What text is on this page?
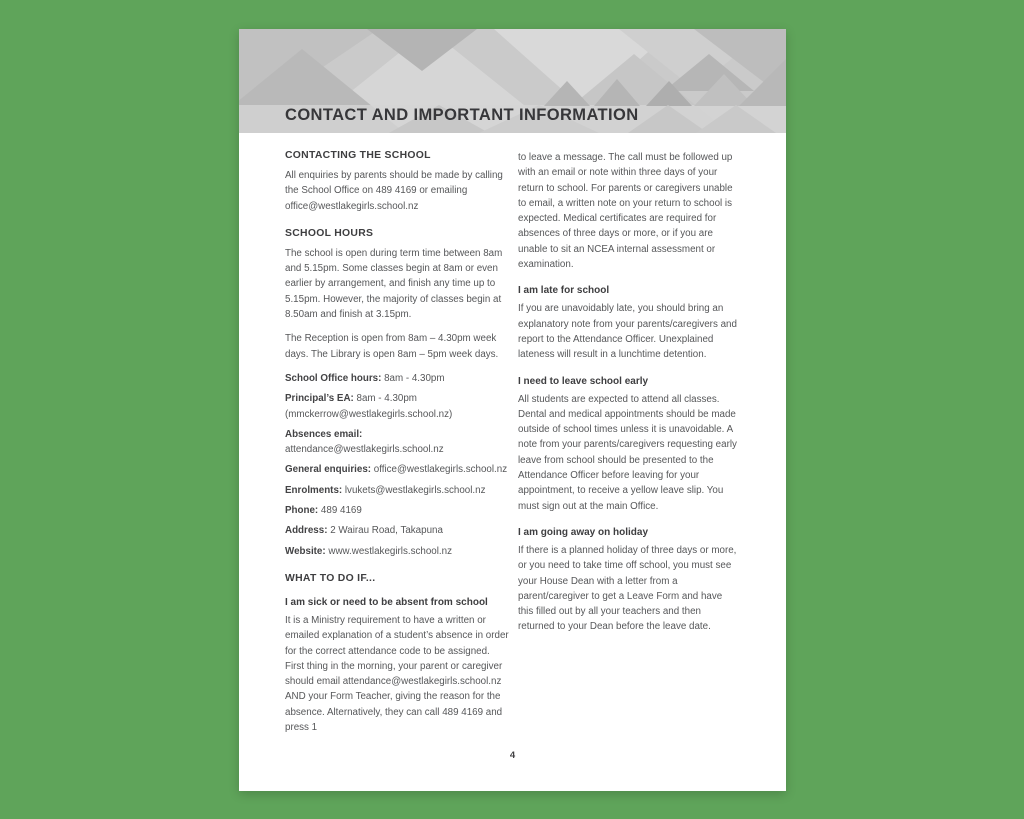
CONTACT AND IMPORTANT INFORMATION
CONTACTING THE SCHOOL
All enquiries by parents should be made by calling the School Office on 489 4169 or emailing office@westlakegirls.school.nz
SCHOOL HOURS
The school is open during term time between 8am and 5.15pm. Some classes begin at 8am or even earlier by arrangement, and finish any time up to 5.15pm. However, the majority of classes begin at 8.50am and finish at 3.15pm.
The Reception is open from 8am – 4.30pm week days. The Library is open 8am – 5pm week days.
School Office hours: 8am - 4.30pm
Principal’s EA: 8am - 4.30pm (mmckerrow@westlakegirls.school.nz)
Absences email: attendance@westlakegirls.school.nz
General enquiries: office@westlakegirls.school.nz
Enrolments: lvukets@westlakegirls.school.nz
Phone: 489 4169
Address: 2 Wairau Road, Takapuna
Website: www.westlakegirls.school.nz
WHAT TO DO IF...
I am sick or need to be absent from school
It is a Ministry requirement to have a written or emailed explanation of a student’s absence in order for the correct attendance code to be assigned. First thing in the morning, your parent or caregiver should email attendance@westlakegirls.school.nz AND your Form Teacher, giving the reason for the absence. Alternatively, they can call 489 4169 and press 1
to leave a message. The call must be followed up with an email or note within three days of your return to school. For parents or caregivers unable to email, a written note on your return to school is expected. Medical certificates are required for absences of three days or more, or if you are unable to sit an NCEA internal assessment or examination.
I am late for school
If you are unavoidably late, you should bring an explanatory note from your parents/caregivers and report to the Attendance Officer. Unexplained lateness will result in a lunchtime detention.
I need to leave school early
All students are expected to attend all classes. Dental and medical appointments should be made outside of school times unless it is unavoidable. A note from your parents/caregivers requesting early leave from school should be presented to the Attendance Officer before leaving for your appointment, to receive a yellow leave slip. You must sign out at the main Office.
I am going away on holiday
If there is a planned holiday of three days or more, or you need to take time off school, you must see your House Dean with a letter from a parent/caregiver to get a Leave Form and have this filled out by all your teachers and then returned to your Dean before the leave date.
4
